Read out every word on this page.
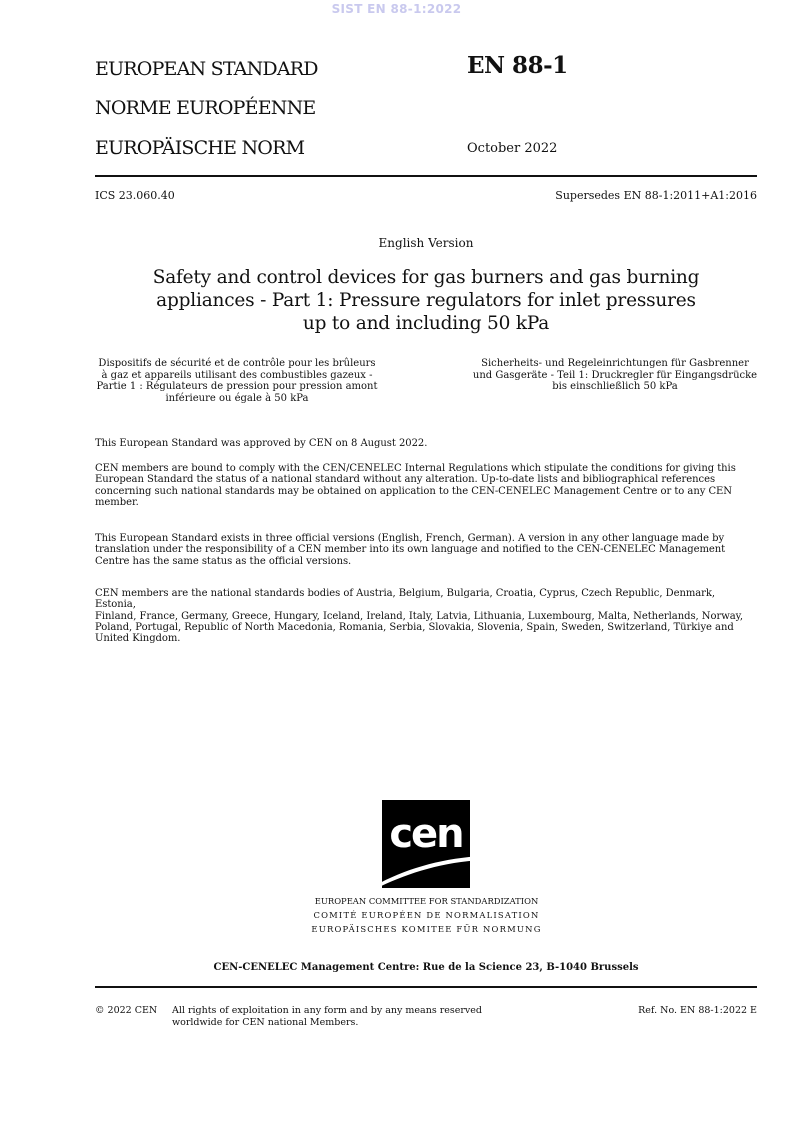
SIST EN 88-1:2022
EUROPEAN STANDARD
NORME EUROPÉENNE
EUROPÄISCHE NORM
EN 88-1
October 2022
ICS 23.060.40	Supersedes EN 88-1:2011+A1:2016
English Version
Safety and control devices for gas burners and gas burning
appliances - Part 1: Pressure regulators for inlet pressures
up to and including 50 kPa
Dispositifs de sécurité et de contrôle pour les brûleurs
à gaz et appareils utilisant des combustibles gazeux -
Partie 1 : Régulateurs de pression pour pression amont
inférieure ou égale à 50 kPa
Sicherheits- und Regeleinrichtungen für Gasbrenner
und Gasgeräte - Teil 1: Druckregler für Eingangsdrücke
bis einschließlich 50 kPa
This European Standard was approved by CEN on 8 August 2022.
CEN members are bound to comply with the CEN/CENELEC Internal Regulations which stipulate the conditions for giving this
European Standard the status of a national standard without any alteration. Up-to-date lists and bibliographical references
concerning such national standards may be obtained on application to the CEN-CENELEC Management Centre or to any CEN
member.
This European Standard exists in three official versions (English, French, German). A version in any other language made by
translation under the responsibility of a CEN member into its own language and notified to the CEN-CENELEC Management
Centre has the same status as the official versions.
CEN members are the national standards bodies of Austria, Belgium, Bulgaria, Croatia, Cyprus, Czech Republic, Denmark, Estonia,
Finland, France, Germany, Greece, Hungary, Iceland, Ireland, Italy, Latvia, Lithuania, Luxembourg, Malta, Netherlands, Norway,
Poland, Portugal, Republic of North Macedonia, Romania, Serbia, Slovakia, Slovenia, Spain, Sweden, Switzerland, Türkiye and
United Kingdom.
cen
EUROPEAN COMMITTEE FOR STANDARDIZATION
COMITÉ EUROPÉEN DE NORMALISATION
EUROPÄISCHES KOMITEE FÜR NORMUNG
CEN-CENELEC Management Centre: Rue de la Science 23, B-1040 Brussels
© 2022 CEN All rights of exploitation in any form and by any means reserved
worldwide for CEN national Members.
Ref. No. EN 88-1:2022 E
